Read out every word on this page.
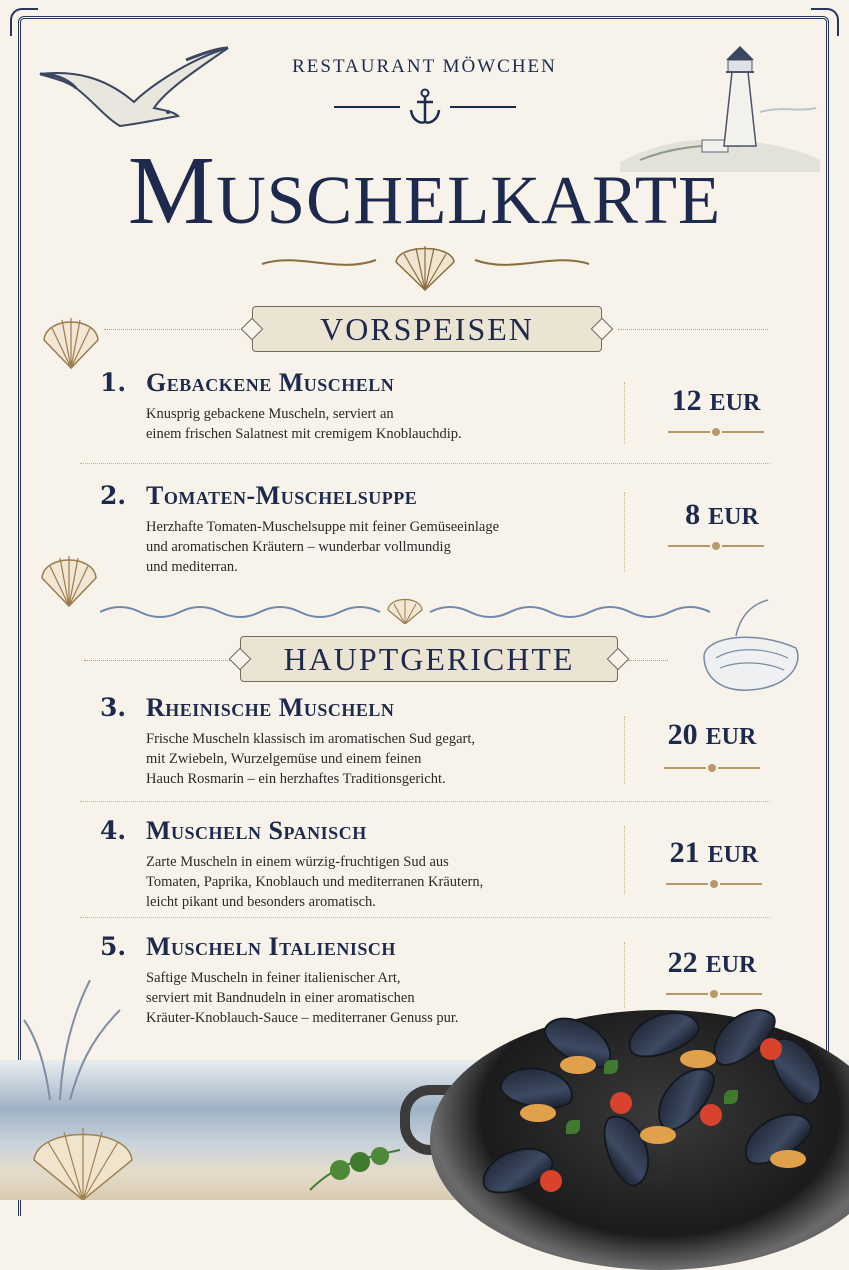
RESTAURANT MÖWCHEN
Muschelkarte
VORSPEISEN
1. Gebackene Muscheln
Knusprig gebackene Muscheln, serviert an
einem frischen Salatnest mit cremigem Knoblauchdip.
12 EUR
2. Tomaten-Muschelsuppe
Herzhafte Tomaten-Muschelsuppe mit feiner Gemüseeinlage
und aromatischen Kräutern – wunderbar vollmundig
und mediterran.
8 EUR
HAUPTGERICHTE
3. Rheinische Muscheln
Frische Muscheln klassisch im aromatischen Sud gegart,
mit Zwiebeln, Wurzelgemüse und einem feinen
Hauch Rosmarin – ein herzhaftes Traditionsgericht.
20 EUR
4. Muscheln Spanisch
Zarte Muscheln in einem würzig-fruchtigen Sud aus
Tomaten, Paprika, Knoblauch und mediterranen Kräutern,
leicht pikant und besonders aromatisch.
21 EUR
5. Muscheln Italienisch
Saftige Muscheln in feiner italienischer Art,
serviert mit Bandnudeln in einer aromatischen
Kräuter-Knoblauch-Sauce – mediterraner Genuss pur.
22 EUR
